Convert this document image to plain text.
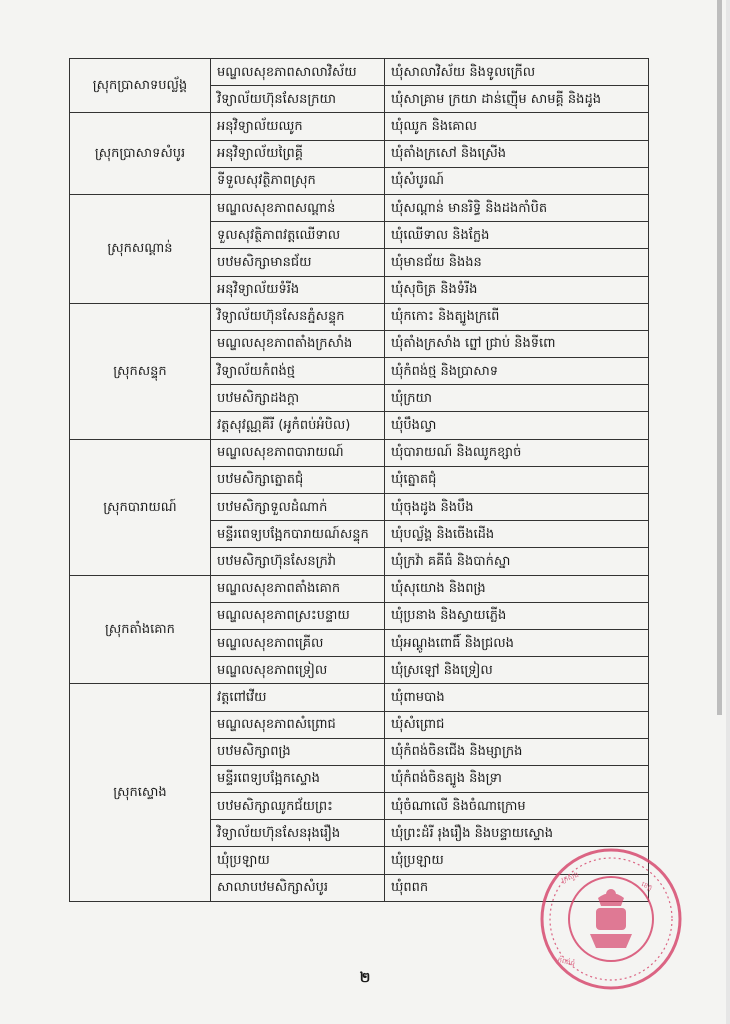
ស្រុកប្រាសាទបល្ល័ង្គ	មណ្ឌលសុខភាពសាលាវិស័យ	ឃុំសាលាវិស័យ និងទូលក្រើល
	វិទ្យាល័យហ៊ុនសែនក្រយា	ឃុំសាគ្រាម ក្រយា ដាន់ញ៉ើម សាមគ្គី និងដូង
ស្រុកប្រាសាទសំបូរ	អនុវិទ្យាល័យឈូក	ឃុំឈូក និងគោល
	អនុវិទ្យាល័យព្រៃគ្គី	ឃុំតាំងក្រសៅ និងស្រើង
	ទីទួលសុវត្ថិភាពស្រុក	ឃុំសំបូរណ៍
ស្រុកសណ្ដាន់	មណ្ឌលសុខភាពសណ្ដាន់	ឃុំសណ្ដាន់ មានរិទ្ធិ និងដងកាំបិត
	ទួលសុវត្ថិភាពវត្តឈើទាល	ឃុំឈើទាល និងក្លែង
	បឋមសិក្សាមានជ័យ	ឃុំមានជ័យ និងងន
	អនុវិទ្យាល័យទំរីង	ឃុំសុចិត្រ និងទំរីង
ស្រុកសន្ទុក	វិទ្យាល័យហ៊ុនសែនភ្នំសន្ទុក	ឃុំកកោះ និងត្បូងក្រពើ
	មណ្ឌលសុខភាពតាំងក្រសាំង	ឃុំតាំងក្រសាំង ព្នៅ ជ្រាប់ និងទីពោ
	វិទ្យាល័យកំពង់ថ្ម	ឃុំកំពង់ថ្ម និងប្រាសាទ
	បឋមសិក្សាដងក្ដា	ឃុំក្រយា
	វត្តសុវណ្ណគីរី (អូកំពប់អំបិល)	ឃុំបឹងល្វា
ស្រុកបារាយណ៍	មណ្ឌលសុខភាពបារាយណ៍	ឃុំបារាយណ៍ និងឈូកខ្សាច់
	បឋមសិក្សាត្នោតជុំ	ឃុំត្នោតជុំ
	បឋមសិក្សាទួលដំណាក់	ឃុំចុងដូង និងបឹង
	មន្ទីរពេទ្យបង្អែកបារាយណ៍សន្ទុក	ឃុំបល្ល័ង្គ និងចើងដើង
	បឋមសិក្សាហ៊ុនសែនក្រវ៉ា	ឃុំក្រវ៉ា គគីធំ និងបាក់ស្នា
ស្រុកតាំងគោក	មណ្ឌលសុខភាពតាំងគោក	ឃុំសុយោង និងពង្រ
	មណ្ឌលសុខភាពស្រះបន្ទាយ	ឃុំប្រនាង និងស្វាយភ្លើង
	មណ្ឌលសុខភាពគ្រើល	ឃុំអណ្ដូងពោធិ៍ និងជ្រលង
	មណ្ឌលសុខភាពទ្រៀល	ឃុំស្រឡៅ និងទ្រៀល
ស្រុកស្ទោង	វត្តពៅវើយ	ឃុំពាមបាង
	មណ្ឌលសុខភាពសំព្រោជ	ឃុំសំព្រោជ
	បឋមសិក្សាពង្រ	ឃុំកំពង់ចិនជើង និងម្សាក្រង
	មន្ទីរពេទ្យបង្អែកស្ទោង	ឃុំកំពង់ចិនត្បូង និងទ្រា
	បឋមសិក្សាឈូកជ័យព្រះ	ឃុំចំណាលើ និងចំណាក្រោម
	វិទ្យាល័យហ៊ុនសែនរុងរឿង	ឃុំព្រះដំរី រុងរឿង និងបន្ទាយស្ទោង
	ឃុំប្រឡាយ	ឃុំប្រឡាយ
	សាលាបឋមសិក្សាសំបូរ	ឃុំពពក
២
ក្រសួង
ខេត្ត
កំពង់ធំ
